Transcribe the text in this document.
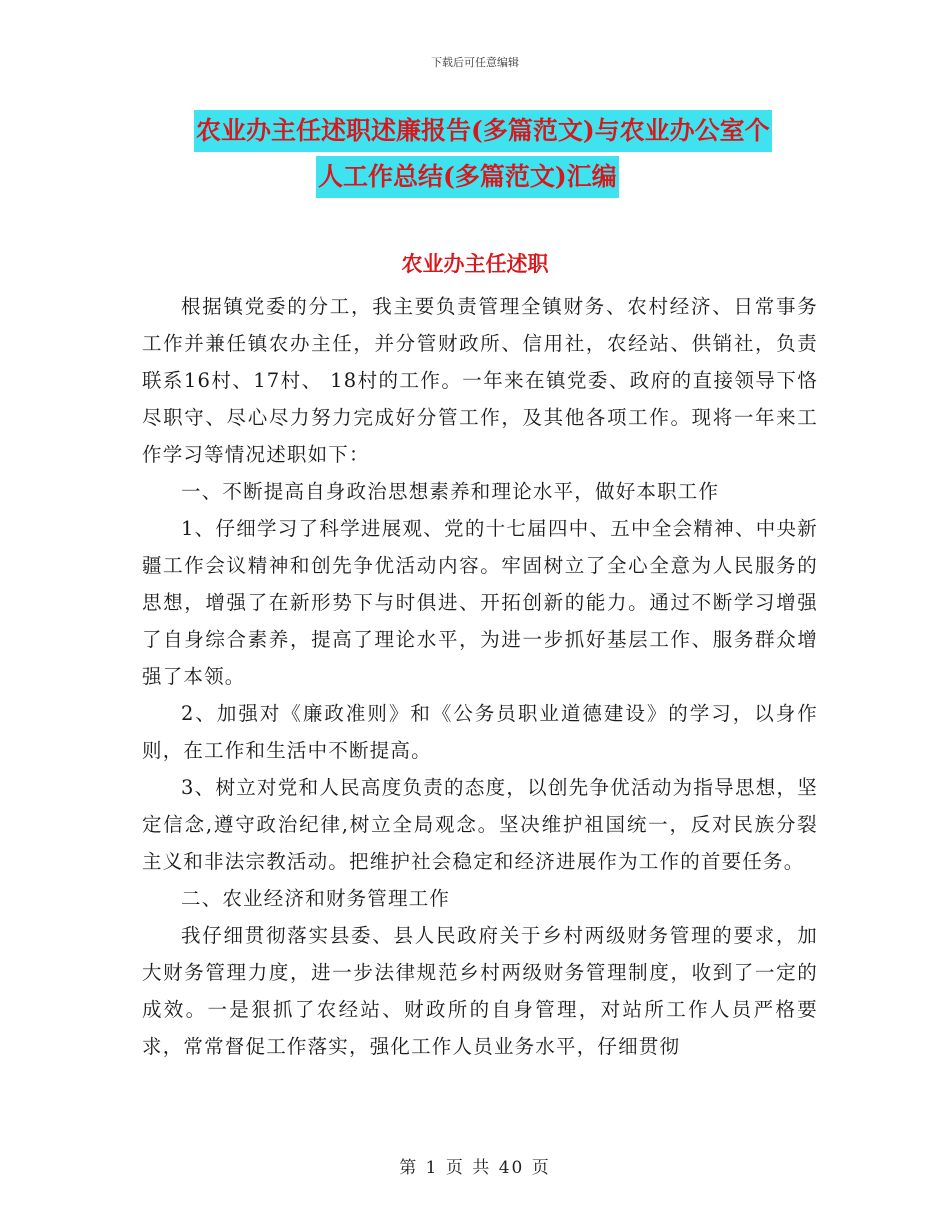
下载后可任意编辑
农业办主任述职述廉报告(多篇范文)与农业办公室个
人工作总结(多篇范文)汇编
农业办主任述职

根据镇党委的分工，我主要负责管理全镇财务、农村经济、日常事务工作并兼任镇农办主任，并分管财政所、信用社，农经站、供销社，负责联系16村、17村、 18村的工作。一年来在镇党委、政府的直接领导下恪尽职守、尽心尽力努力完成好分管工作，及其他各项工作。现将一年来工作学习等情况述职如下：

一、不断提高自身政治思想素养和理论水平，做好本职工作

1、仔细学习了科学进展观、党的十七届四中、五中全会精神、中央新疆工作会议精神和创先争优活动内容。牢固树立了全心全意为人民服务的思想，增强了在新形势下与时俱进、开拓创新的能力。通过不断学习增强了自身综合素养，提高了理论水平，为进一步抓好基层工作、服务群众增强了本领。

2、加强对《廉政准则》和《公务员职业道德建设》的学习，以身作则，在工作和生活中不断提高。

3、树立对党和人民高度负责的态度，以创先争优活动为指导思想，坚定信念,遵守政治纪律,树立全局观念。坚决维护祖国统一，反对民族分裂主义和非法宗教活动。把维护社会稳定和经济进展作为工作的首要任务。

二、农业经济和财务管理工作

我仔细贯彻落实县委、县人民政府关于乡村两级财务管理的要求，加大财务管理力度，进一步法律规范乡村两级财务管理制度，收到了一定的成效。一是狠抓了农经站、财政所的自身管理，对站所工作人员严格要求，常常督促工作落实，强化工作人员业务水平，仔细贯彻

第 1 页 共 40 页
